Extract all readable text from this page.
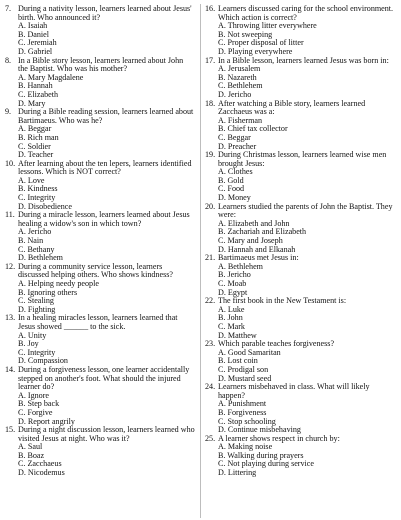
7. During a nativity lesson, learners learned about Jesus' birth. Who announced it?
A. Isaiah
B. Daniel
C. Jeremiah
D. Gabriel
8. In a Bible story lesson, learners learned about John the Baptist. Who was his mother?
A. Mary Magdalene
B. Hannah
C. Elizabeth
D. Mary
9. During a Bible reading session, learners learned about Bartimaeus. Who was he?
A. Beggar
B. Rich man
C. Soldier
D. Teacher
10. After learning about the ten lepers, learners identified lessons. Which is NOT correct?
A. Love
B. Kindness
C. Integrity
D. Disobedience
11. During a miracle lesson, learners learned about Jesus healing a widow's son in which town?
A. Jericho
B. Nain
C. Bethany
D. Bethlehem
12. During a community service lesson, learners discussed helping others. Who shows kindness?
A. Helping needy people
B. Ignoring others
C. Stealing
D. Fighting
13. In a healing miracles lesson, learners learned that Jesus showed ______ to the sick.
A. Unity
B. Joy
C. Integrity
D. Compassion
14. During a forgiveness lesson, one learner accidentally stepped on another's foot. What should the injured learner do?
A. Ignore
B. Step back
C. Forgive
D. Report angrily
15. During a night discussion lesson, learners learned who visited Jesus at night. Who was it?
A. Saul
B. Boaz
C. Zacchaeus
D. Nicodemus
16. Learners discussed caring for the school environment. Which action is correct?
A. Throwing litter everywhere
B. Not sweeping
C. Proper disposal of litter
D. Playing everywhere
17. In a Bible lesson, learners learned Jesus was born in:
A. Jerusalem
B. Nazareth
C. Bethlehem
D. Jericho
18. After watching a Bible story, learners learned Zacchaeus was a:
A. Fisherman
B. Chief tax collector
C. Beggar
D. Preacher
19. During Christmas lesson, learners learned wise men brought Jesus:
A. Clothes
B. Gold
C. Food
D. Money
20. Learners studied the parents of John the Baptist. They were:
A. Elizabeth and John
B. Zachariah and Elizabeth
C. Mary and Joseph
D. Hannah and Elkanah
21. Bartimaeus met Jesus in:
A. Bethlehem
B. Jericho
C. Moab
D. Egypt
22. The first book in the New Testament is:
A. Luke
B. John
C. Mark
D. Matthew
23. Which parable teaches forgiveness?
A. Good Samaritan
B. Lost coin
C. Prodigal son
D. Mustard seed
24. Learners misbehaved in class. What will likely happen?
A. Punishment
B. Forgiveness
C. Stop schooling
D. Continue misbehaving
25. A learner shows respect in church by:
A. Making noise
B. Walking during prayers
C. Not playing during service
D. Littering
